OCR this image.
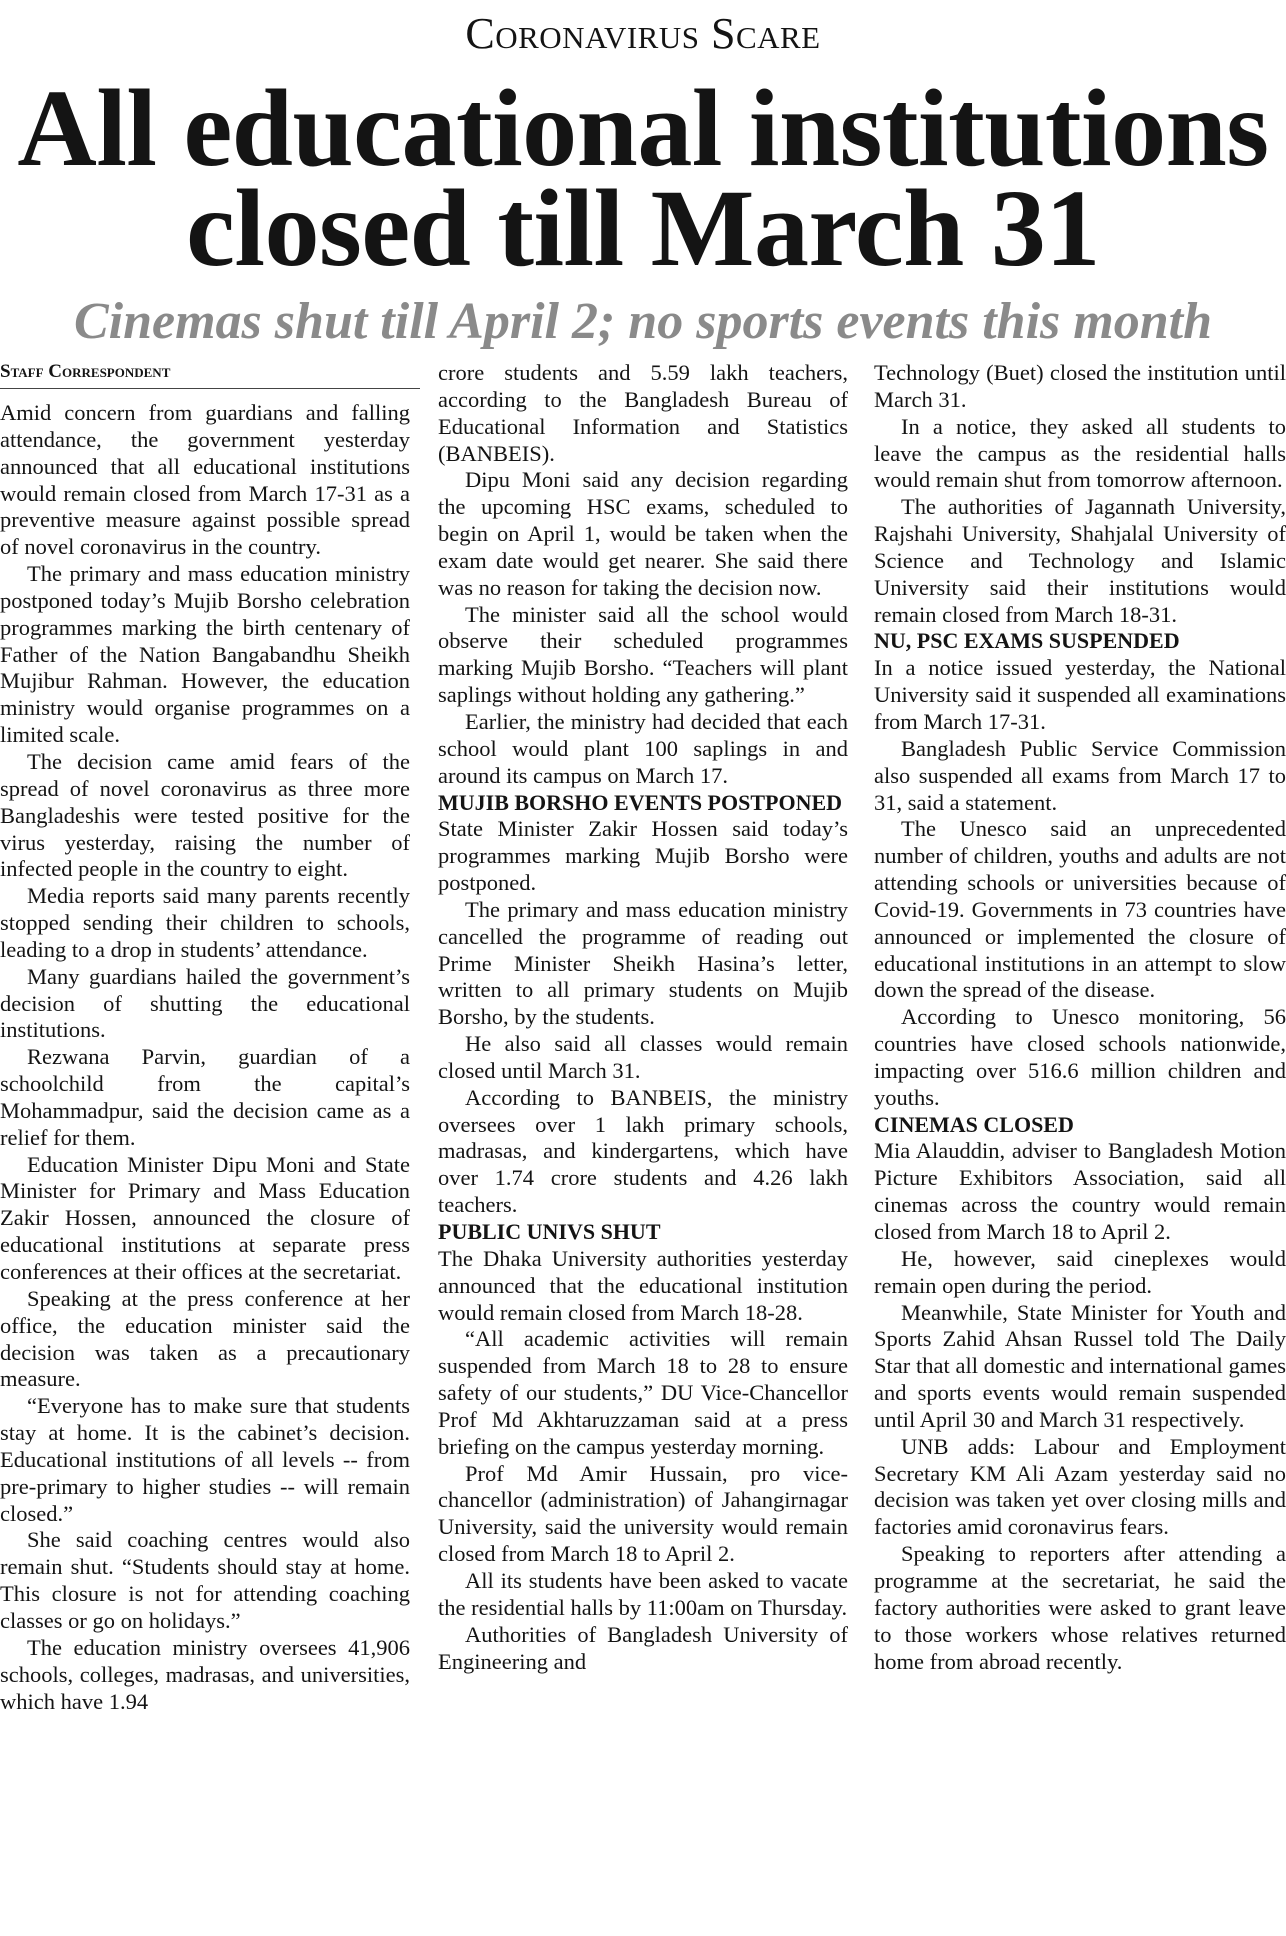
Coronavirus Scare
All educational institutions closed till March 31
Cinemas shut till April 2; no sports events this month
Staff Correspondent

Amid concern from guardians and falling attendance, the government yesterday announced that all educational institutions would remain closed from March 17-31 as a preventive measure against possible spread of novel coronavirus in the country.

The primary and mass education ministry postponed today’s Mujib Borsho celebration programmes marking the birth centenary of Father of the Nation Bangabandhu Sheikh Mujibur Rahman. However, the education ministry would organise programmes on a limited scale.

The decision came amid fears of the spread of novel coronavirus as three more Bangladeshis were tested positive for the virus yesterday, raising the number of infected people in the country to eight.

Media reports said many parents recently stopped sending their children to schools, leading to a drop in students’ attendance.

Many guardians hailed the government’s decision of shutting the educational institutions.

Rezwana Parvin, guardian of a schoolchild from the capital’s Mohammadpur, said the decision came as a relief for them.

Education Minister Dipu Moni and State Minister for Primary and Mass Education Zakir Hossen, announced the closure of educational institutions at separate press conferences at their offices at the secretariat.

Speaking at the press conference at her office, the education minister said the decision was taken as a precautionary measure.

“Everyone has to make sure that students stay at home. It is the cabinet’s decision. Educational institutions of all levels -- from pre-primary to higher studies -- will remain closed.”

She said coaching centres would also remain shut. “Students should stay at home. This closure is not for attending coaching classes or go on holidays.”

The education ministry oversees 41,906 schools, colleges, madrasas, and universities, which have 1.94

crore students and 5.59 lakh teachers, according to the Bangladesh Bureau of Educational Information and Statistics (BANBEIS).

Dipu Moni said any decision regarding the upcoming HSC exams, scheduled to begin on April 1, would be taken when the exam date would get nearer. She said there was no reason for taking the decision now.

The minister said all the school would observe their scheduled programmes marking Mujib Borsho. “Teachers will plant saplings without holding any gathering.”

Earlier, the ministry had decided that each school would plant 100 saplings in and around its campus on March 17.

MUJIB BORSHO EVENTS POSTPONED

State Minister Zakir Hossen said today’s programmes marking Mujib Borsho were postponed.

The primary and mass education ministry cancelled the programme of reading out Prime Minister Sheikh Hasina’s letter, written to all primary students on Mujib Borsho, by the students.

He also said all classes would remain closed until March 31.

According to BANBEIS, the ministry oversees over 1 lakh primary schools, madrasas, and kindergartens, which have over 1.74 crore students and 4.26 lakh teachers.

PUBLIC UNIVS SHUT

The Dhaka University authorities yesterday announced that the educational institution would remain closed from March 18-28.

“All academic activities will remain suspended from March 18 to 28 to ensure safety of our students,” DU Vice-Chancellor Prof Md Akhtaruzzaman said at a press briefing on the campus yesterday morning.

Prof Md Amir Hussain, pro vice-chancellor (administration) of Jahangirnagar University, said the university would remain closed from March 18 to April 2.

All its students have been asked to vacate the residential halls by 11:00am on Thursday.

Authorities of Bangladesh University of Engineering and

Technology (Buet) closed the institution until March 31.

In a notice, they asked all students to leave the campus as the residential halls would remain shut from tomorrow afternoon.

The authorities of Jagannath University, Rajshahi University, Shahjalal University of Science and Technology and Islamic University said their institutions would remain closed from March 18-31.

NU, PSC EXAMS SUSPENDED

In a notice issued yesterday, the National University said it suspended all examinations from March 17-31.

Bangladesh Public Service Commission also suspended all exams from March 17 to 31, said a statement.

The Unesco said an unprecedented number of children, youths and adults are not attending schools or universities because of Covid-19. Governments in 73 countries have announced or implemented the closure of educational institutions in an attempt to slow down the spread of the disease.

According to Unesco monitoring, 56 countries have closed schools nationwide, impacting over 516.6 million children and youths.

CINEMAS CLOSED

Mia Alauddin, adviser to Bangladesh Motion Picture Exhibitors Association, said all cinemas across the country would remain closed from March 18 to April 2.

He, however, said cineplexes would remain open during the period.

Meanwhile, State Minister for Youth and Sports Zahid Ahsan Russel told The Daily Star that all domestic and international games and sports events would remain suspended until April 30 and March 31 respectively.

UNB adds: Labour and Employment Secretary KM Ali Azam yesterday said no decision was taken yet over closing mills and factories amid coronavirus fears.

Speaking to reporters after attending a programme at the secretariat, he said the factory authorities were asked to grant leave to those workers whose relatives returned home from abroad recently.
